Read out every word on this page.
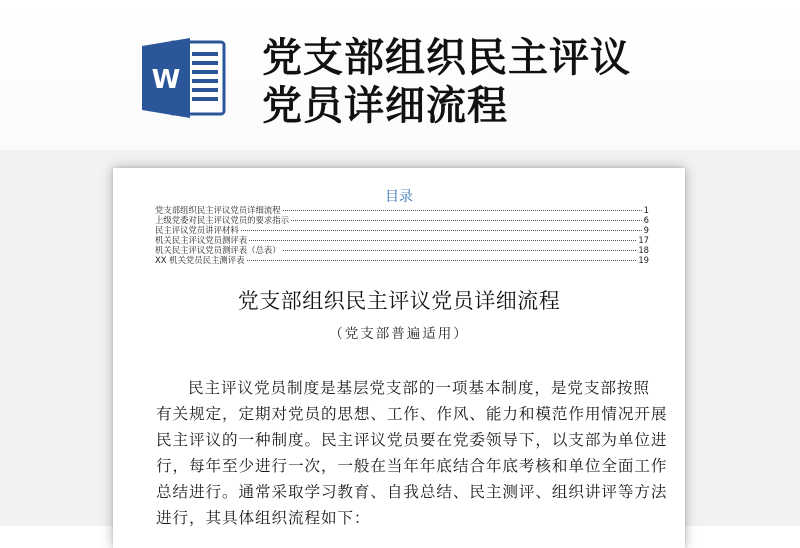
W 党支部组织民主评议
党员详细流程
目录
党支部组织民主评议党员详细流程	1
上级党委对民主评议党员的要求指示	6
民主评议党员讲评材料	9
机关民主评议党员测评表	17
机关民主评议党员测评表（总表）	18
XX 机关党员民主测评表	19
党支部组织民主评议党员详细流程
（党支部普遍适用）
民主评议党员制度是基层党支部的一项基本制度，是党支部按照
有关规定，定期对党员的思想、工作、作风、能力和模范作用情况开展
民主评议的一种制度。民主评议党员要在党委领导下，以支部为单位进
行，每年至少进行一次，一般在当年年底结合年底考核和单位全面工作
总结进行。通常采取学习教育、自我总结、民主测评、组织讲评等方法
进行，其具体组织流程如下：
